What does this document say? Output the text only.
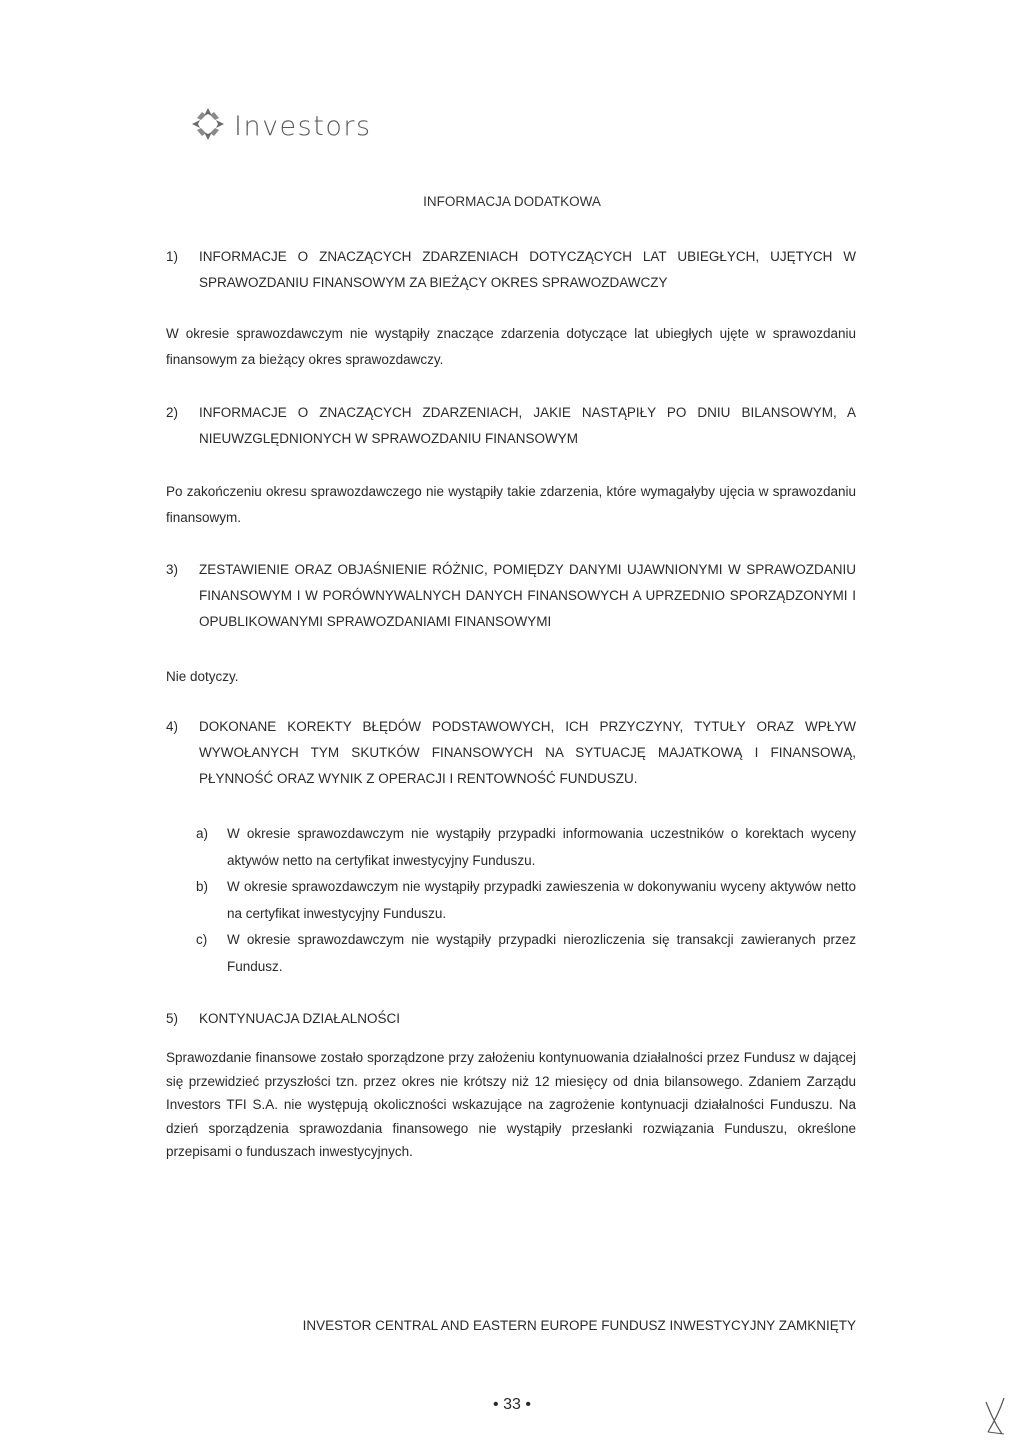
Investors
INFORMACJA DODATKOWA
1) INFORMACJE O ZNACZĄCYCH ZDARZENIACH DOTYCZĄCYCH LAT UBIEGŁYCH, UJĘTYCH W SPRAWOZDANIU FINANSOWYM ZA BIEŻĄCY OKRES SPRAWOZDAWCZY
W okresie sprawozdawczym nie wystąpiły znaczące zdarzenia dotyczące lat ubiegłych ujęte w sprawozdaniu finansowym za bieżący okres sprawozdawczy.
2) INFORMACJE O ZNACZĄCYCH ZDARZENIACH, JAKIE NASTĄPIŁY PO DNIU BILANSOWYM, A NIEUWZGLĘDNIONYCH W SPRAWOZDANIU FINANSOWYM
Po zakończeniu okresu sprawozdawczego nie wystąpiły takie zdarzenia, które wymagałyby ujęcia w sprawozdaniu finansowym.
3) ZESTAWIENIE ORAZ OBJAŚNIENIE RÓŻNIC, POMIĘDZY DANYMI UJAWNIONYMI W SPRAWOZDANIU FINANSOWYM I W PORÓWNYWALNYCH DANYCH FINANSOWYCH A UPRZEDNIO SPORZĄDZONYMI I OPUBLIKOWANYMI SPRAWOZDANIAMI FINANSOWYMI
Nie dotyczy.
4) DOKONANE KOREKTY BŁĘDÓW PODSTAWOWYCH, ICH PRZYCZYNY, TYTUŁY ORAZ WPŁYW WYWOŁANYCH TYM SKUTKÓW FINANSOWYCH NA SYTUACJĘ MAJATKOWĄ I FINANSOWĄ, PŁYNNOŚĆ ORAZ WYNIK Z OPERACJI I RENTOWNOŚĆ FUNDUSZU.
a) W okresie sprawozdawczym nie wystąpiły przypadki informowania uczestników o korektach wyceny aktywów netto na certyfikat inwestycyjny Funduszu.
b) W okresie sprawozdawczym nie wystąpiły przypadki zawieszenia w dokonywaniu wyceny aktywów netto na certyfikat inwestycyjny Funduszu.
c) W okresie sprawozdawczym nie wystąpiły przypadki nierozliczenia się transakcji zawieranych przez Fundusz.
5) KONTYNUACJA DZIAŁALNOŚCI
Sprawozdanie finansowe zostało sporządzone przy założeniu kontynuowania działalności przez Fundusz w dającej się przewidzieć przyszłości tzn. przez okres nie krótszy niż 12 miesięcy od dnia bilansowego. Zdaniem Zarządu Investors TFI S.A. nie występują okoliczności wskazujące na zagrożenie kontynuacji działalności Funduszu. Na dzień sporządzenia sprawozdania finansowego nie wystąpiły przesłanki rozwiązania Funduszu, określone przepisami o funduszach inwestycyjnych.
INVESTOR CENTRAL AND EASTERN EUROPE FUNDUSZ INWESTYCYJNY ZAMKNIĘTY
• 33 •
